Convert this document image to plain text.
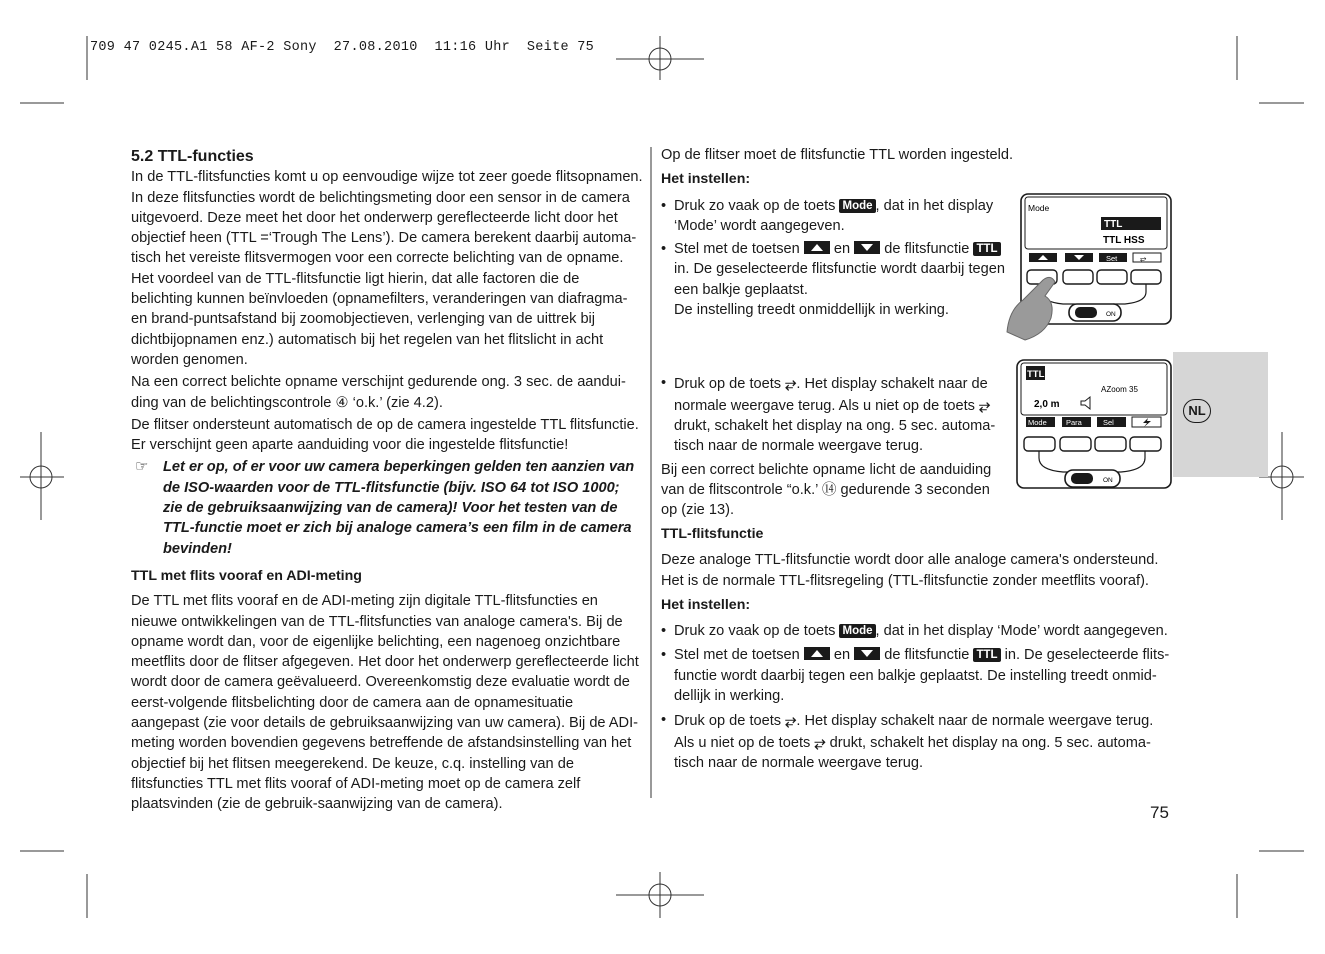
709 47 0245.A1 58 AF-2 Sony  27.08.2010  11:16 Uhr  Seite 75

5.2 TTL-functies

In de TTL-flitsfuncties komt u op eenvoudige wijze tot zeer goede flitsopnamen. In deze flitsfuncties wordt de belichtingsmeting door een sensor in de camera uitgevoerd. Deze meet het door het onderwerp gereflecteerde licht door het objectief heen (TTL =‘Trough The Lens’). De camera berekent daarbij automa-tisch het vereiste flitsvermogen voor een correcte belichting van de opname. Het voordeel van de TTL-flitsfunctie ligt hierin, dat alle factoren die de belichting kunnen beïnvloeden (opnamefilters, veranderingen van diafragma- en brand-puntsafstand bij zoomobjectieven, verlenging van de uittrek bij dichtbijopnamen enz.) automatisch bij het regelen van het flitslicht in acht worden genomen.

Na een correct belichte opname verschijnt gedurende ong. 3 sec. de aandui-ding van de belichtingscontrole ④ ‘o.k.’ (zie 4.2).

De flitser ondersteunt automatisch de op de camera ingestelde TTL flitsfunctie. Er verschijnt geen aparte aanduiding voor die ingestelde flitsfunctie!

☞ Let er op, of er voor uw camera beperkingen gelden ten aanzien van de ISO-waarden voor de TTL-flitsfunctie (bijv. ISO 64 tot ISO 1000; zie de gebruiksaanwijzing van de camera)! Voor het testen van de TTL-functie moet er zich bij analoge camera’s een film in de camera bevinden!

TTL met flits vooraf en ADI-meting

De TTL met flits vooraf en de ADI-meting zijn digitale TTL-flitsfuncties en nieuwe ontwikkelingen van de TTL-flitsfuncties van analoge camera's. Bij de opname wordt dan, voor de eigenlijke belichting, een nagenoeg onzichtbare meetflits door de flitser afgegeven. Het door het onderwerp gereflecteerde licht wordt door de camera geëvalueerd. Overeenkomstig deze evaluatie wordt de eerst-volgende flitsbelichting door de camera aan de opnamesituatie aangepast (zie voor details de gebruiksaanwijzing van uw camera). Bij de ADI-meting worden bovendien gegevens betreffende de afstandsinstelling van het objectief bij het flitsen meegerekend. De keuze, c.q. instelling van de flitsfuncties TTL met flits vooraf of ADI-meting moet op de camera zelf plaatsvinden (zie de gebruik-saanwijzing van de camera).

Op de flitser moet de flitsfunctie TTL worden ingesteld.

Het instellen:

• Druk zo vaak op de toets Mode , dat in het display ‘Mode’ wordt aangegeven.
• Stel met de toetsen
en
de flitsfunctie TTL in. De geselecteerde flitsfunctie wordt daarbij tegen een balkje geplaatst.
De instelling treedt onmiddellijk in werking.
• Druk op de toets ⥂. Het display schakelt naar de normale weergave terug. Als u niet op de toets ⥂ drukt, schakelt het display na ong. 5 sec. automa-tisch naar de normale weergave terug.

Bij een correct belichte opname licht de aanduiding van de flitscontrole “o.k.’ ⑭ gedurende 3 seconden op (zie 13).

TTL-flitsfunctie

Deze analoge TTL-flitsfunctie wordt door alle analoge camera's ondersteund. Het is de normale TTL-flitsregeling (TTL-flitsfunctie zonder meetflits vooraf).

Het instellen:

• Druk zo vaak op de toets Mode , dat in het display ‘Mode’ wordt aangegeven.
• Stel met de toetsen
en
de flitsfunctie TTL in. De geselecteerde flits-functie wordt daarbij tegen een balkje geplaatst. De instelling treedt onmid-dellijk in werking.
• Druk op de toets ⥂. Het display schakelt naar de normale weergave terug. Als u niet op de toets ⥂ drukt, schakelt het display na ong. 5 sec. automa-tisch naar de normale weergave terug.
Mode
TTL
TTL HSS
Set	⥂
ON
TTL
AZoom 35
2,0 m
Mode	Para	Sel
ON
NL
75
